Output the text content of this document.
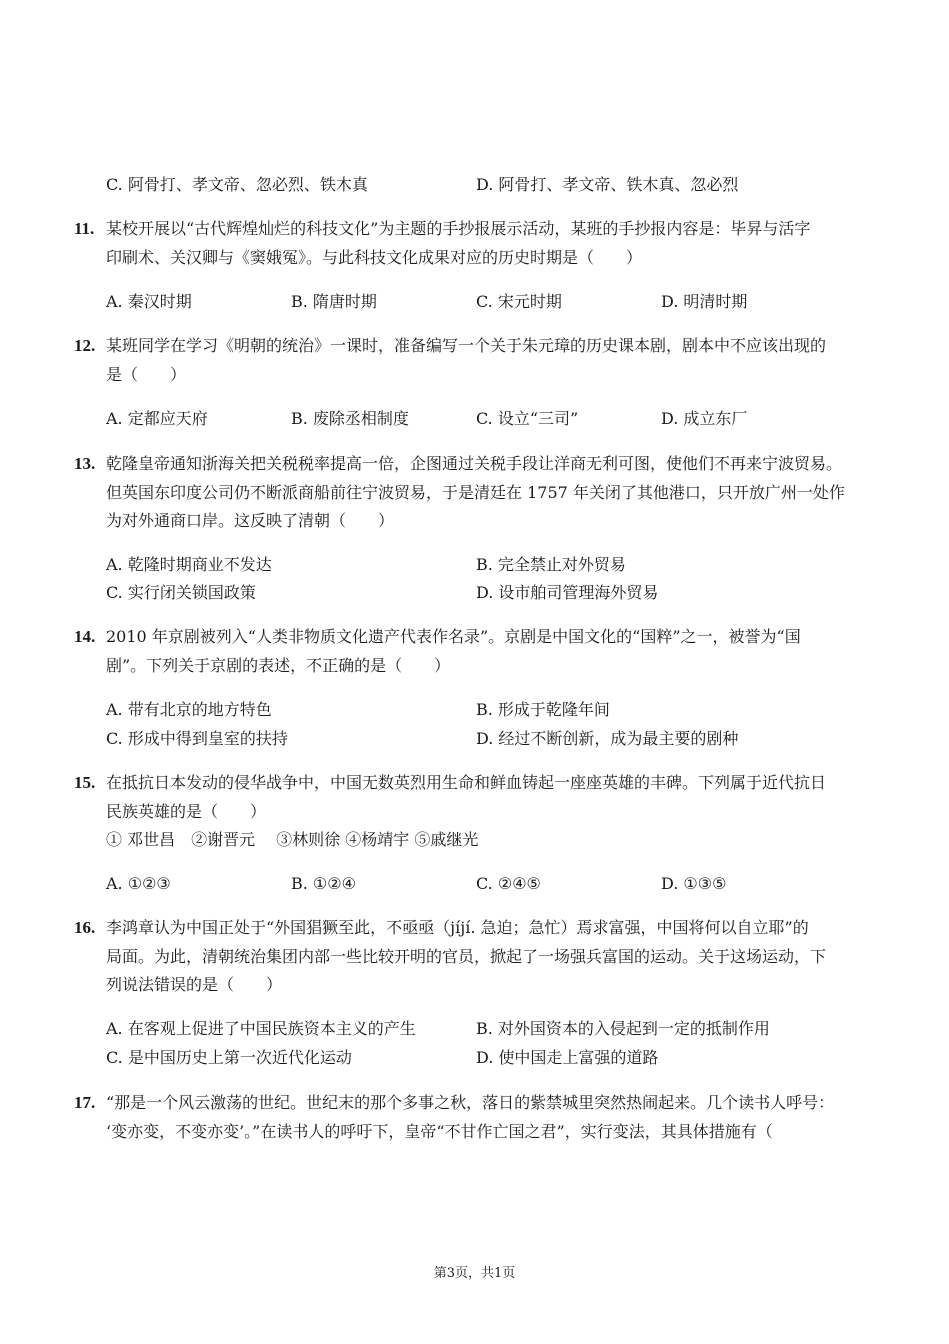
C. 阿骨打、孝文帝、忽必烈、铁木真	D. 阿骨打、孝文帝、铁木真、忽必烈
11. 某校开展以“古代辉煌灿烂的科技文化”为主题的手抄报展示活动，某班的手抄报内容是：毕昇与活字
印刷术、关汉卿与《窦娥冤》。与此科技文化成果对应的历史时期是（　　）
A. 秦汉时期	B. 隋唐时期	C. 宋元时期	D. 明清时期
12. 某班同学在学习《明朝的统治》一课时，准备编写一个关于朱元璋的历史课本剧，剧本中不应该出现的
是（　　）
A. 定都应天府	B. 废除丞相制度	C. 设立“三司”	D. 成立东厂
13. 乾隆皇帝通知浙海关把关税税率提高一倍，企图通过关税手段让洋商无利可图，使他们不再来宁波贸易。
但英国东印度公司仍不断派商船前往宁波贸易，于是清廷在 1757 年关闭了其他港口，只开放广州一处作
为对外通商口岸。这反映了清朝（　　）
A. 乾隆时期商业不发达	B. 完全禁止对外贸易
C. 实行闭关锁国政策	D. 设市舶司管理海外贸易
14. 2010 年京剧被列入“人类非物质文化遗产代表作名录”。京剧是中国文化的“国粹”之一，被誉为“国
剧”。下列关于京剧的表述，不正确的是（　　）
A. 带有北京的地方特色	B. 形成于乾隆年间
C. 形成中得到皇室的扶持	D. 经过不断创新，成为最主要的剧种
15. 在抵抗日本发动的侵华战争中，中国无数英烈用生命和鲜血铸起一座座英雄的丰碑。下列属于近代抗日
民族英雄的是（　　）
① 邓世昌　②谢晋元　 ③林则徐 ④杨靖宇 ⑤戚继光
A. ①②③	B. ①②④	C. ②④⑤	D. ①③⑤
16. 李鸿章认为中国正处于“外国猖獗至此，不亟亟（jíjí. 急迫；急忙）焉求富强，中国将何以自立耶”的
局面。为此，清朝统治集团内部一些比较开明的官员，掀起了一场强兵富国的运动。关于这场运动，下
列说法错误的是（　　）
A. 在客观上促进了中国民族资本主义的产生	B. 对外国资本的入侵起到一定的抵制作用
C. 是中国历史上第一次近代化运动	D. 使中国走上富强的道路
17. “那是一个风云激荡的世纪。世纪末的那个多事之秋，落日的紫禁城里突然热闹起来。几个读书人呼号：
‘变亦变，不变亦变’。”在读书人的呼吁下，皇帝“不甘作亡国之君”，实行变法，其具体措施有（
第3页，共1页
